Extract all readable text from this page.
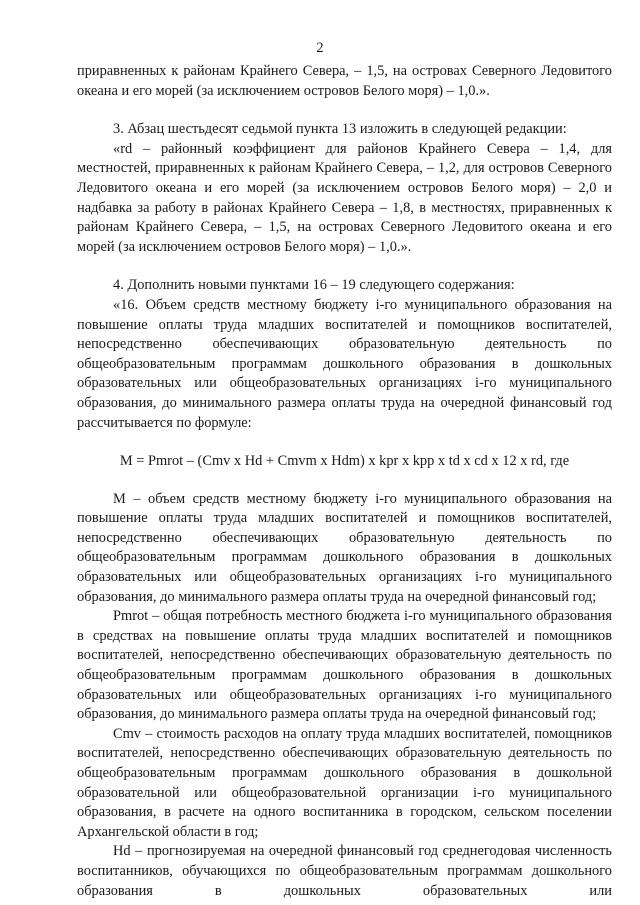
2

приравненных к районам Крайнего Севера, – 1,5, на островах Северного Ледовитого океана и его морей (за исключением островов Белого моря) – 1,0.».

3. Абзац шестьдесят седьмой пункта 13 изложить в следующей редакции:

«rd – районный коэффициент для районов Крайнего Севера – 1,4, для местностей, приравненных к районам Крайнего Севера, – 1,2, для островов Северного Ледовитого океана и его морей (за исключением островов Белого моря) – 2,0 и надбавка за работу в районах Крайнего Севера – 1,8, в местностях, приравненных к районам Крайнего Севера, – 1,5, на островах Северного Ледовитого океана и его морей (за исключением островов Белого моря) – 1,0.».

4. Дополнить новыми пунктами 16 – 19 следующего содержания:

«16. Объем средств местному бюджету i-го муниципального образования на повышение оплаты труда младших воспитателей и помощников воспитателей, непосредственно обеспечивающих образовательную деятельность по общеобразовательным программам дошкольного образования в дошкольных образовательных или общеобразовательных организациях i-го муниципального образования, до минимального размера оплаты труда на очередной финансовый год рассчитывается по формуле:

M = Pmrot – (Cmv x Hd + Cmvm x Hdm) x kpr x kpp x td x cd x 12 x rd, где

M – объем средств местному бюджету i-го муниципального образования на повышение оплаты труда младших воспитателей и помощников воспитателей, непосредственно обеспечивающих образовательную деятельность по общеобразовательным программам дошкольного образования в дошкольных образовательных или общеобразовательных организациях i-го муниципального образования, до минимального размера оплаты труда на очередной финансовый год;

Pmrot – общая потребность местного бюджета i-го муниципального образования в средствах на повышение оплаты труда младших воспитателей и помощников воспитателей, непосредственно обеспечивающих образовательную деятельность по общеобразовательным программам дошкольного образования в дошкольных образовательных или общеобразовательных организациях i-го муниципального образования, до минимального размера оплаты труда на очередной финансовый год;

Cmv – стоимость расходов на оплату труда младших воспитателей, помощников воспитателей, непосредственно обеспечивающих образовательную деятельность по общеобразовательным программам дошкольного образования в дошкольной образовательной или общеобразовательной организации i-го муниципального образования, в расчете на одного воспитанника в городском, сельском поселении Архангельской области в год;

Hd – прогнозируемая на очередной финансовый год среднегодовая численность воспитанников, обучающихся по общеобразовательным программам дошкольного образования в дошкольных образовательных или
